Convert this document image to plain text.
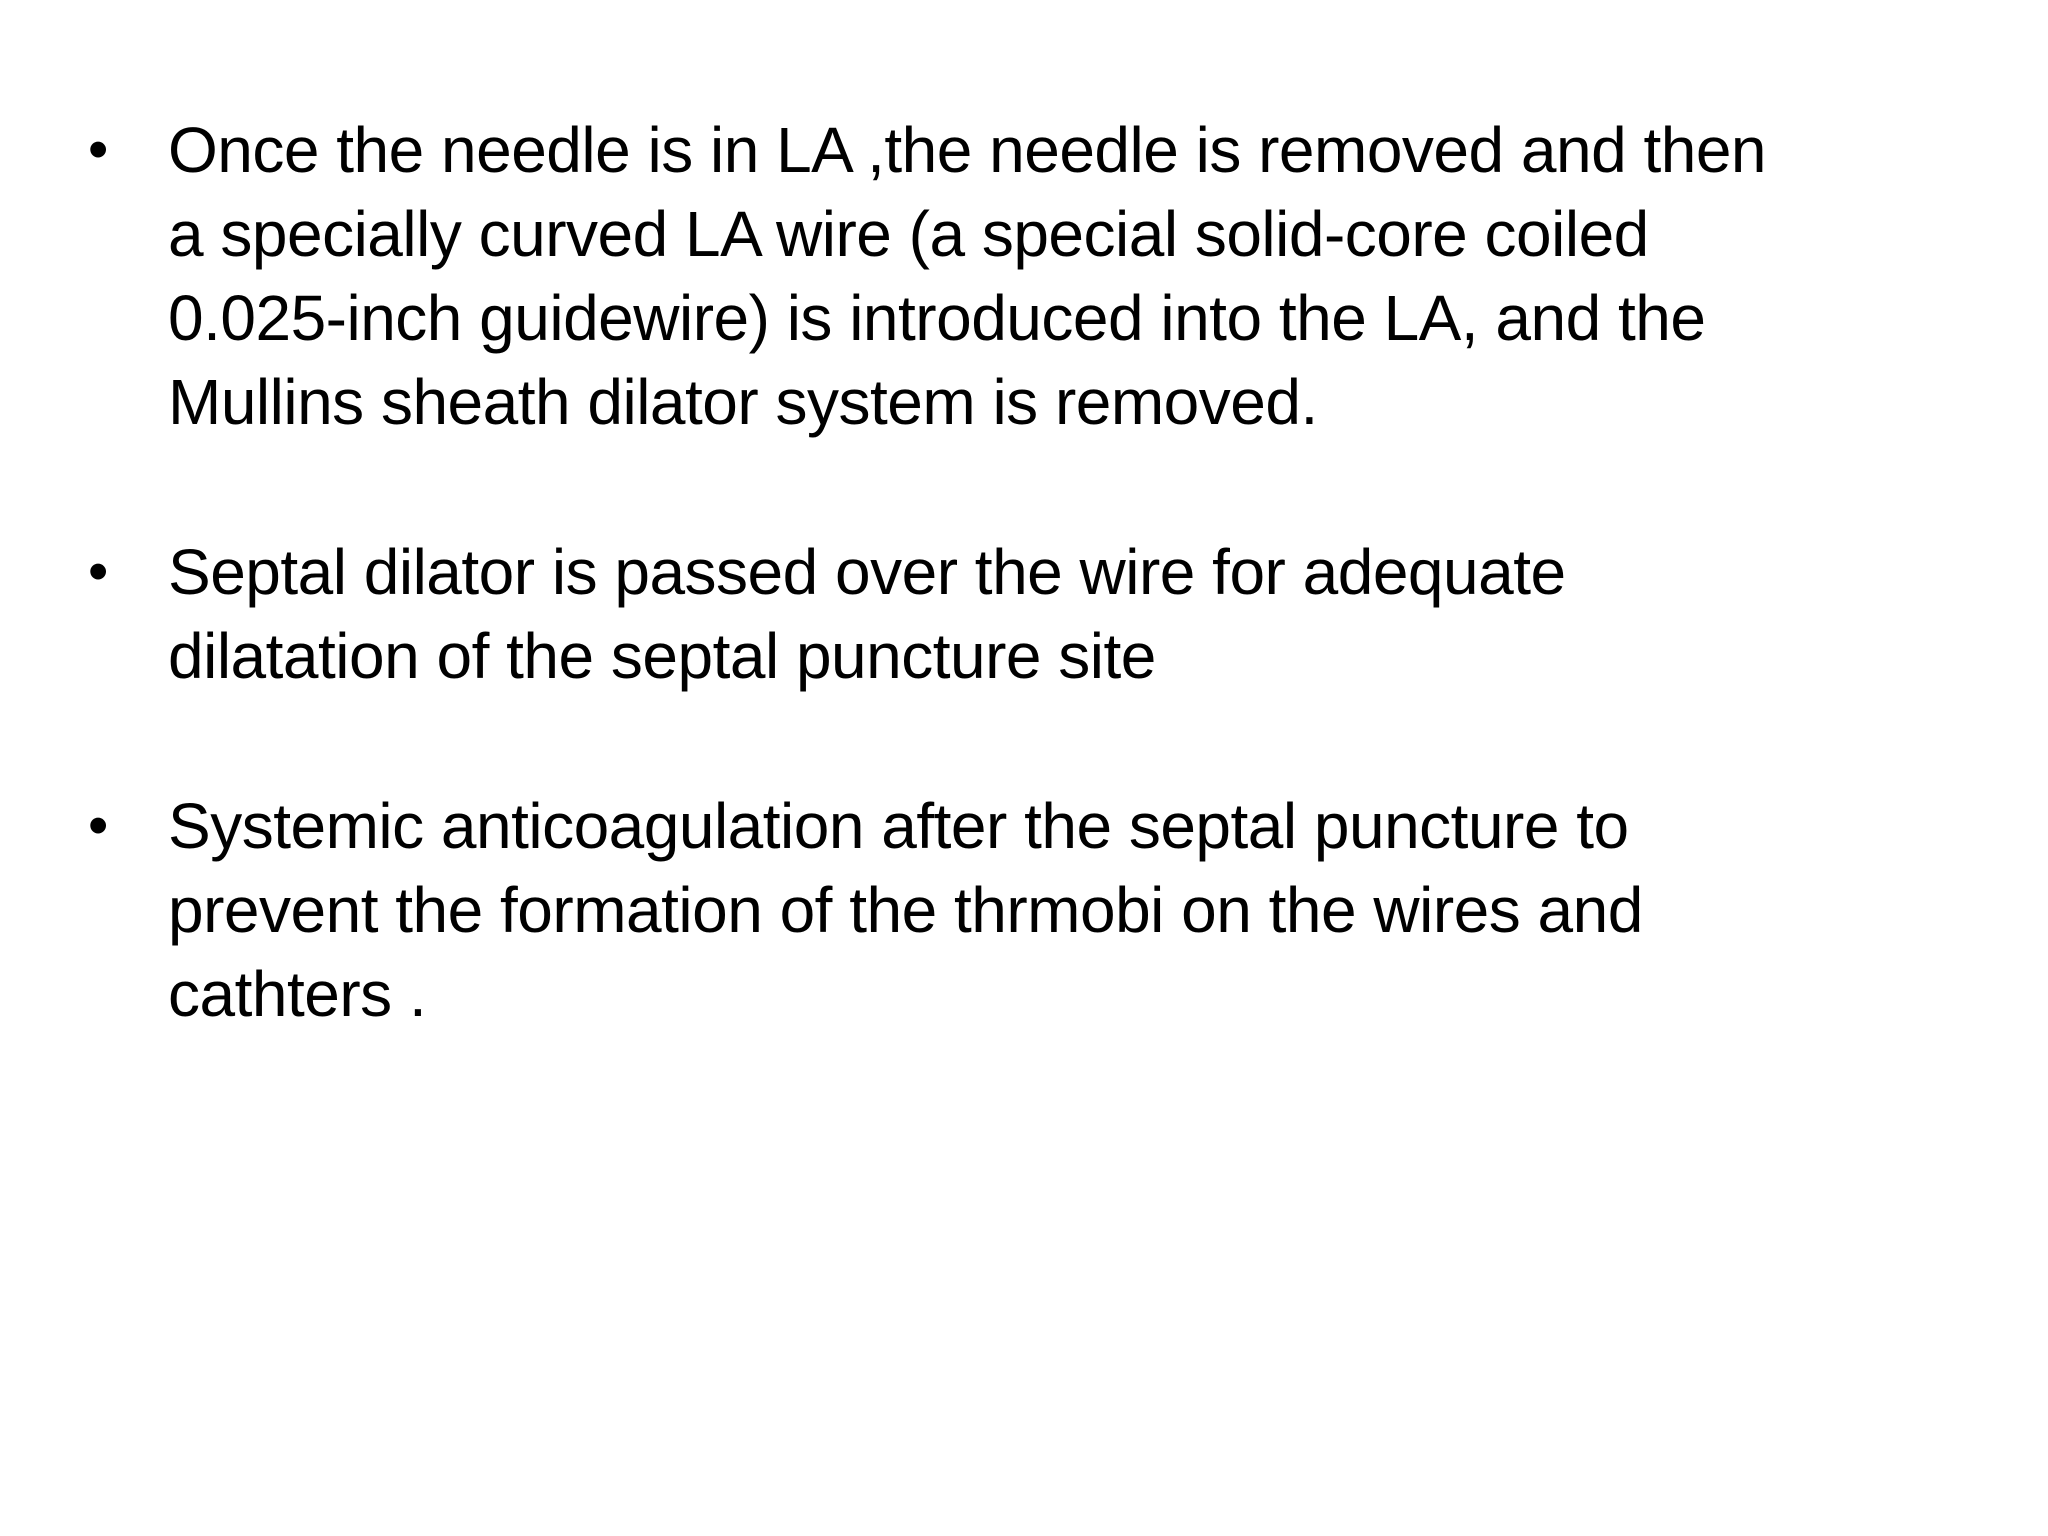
• Once the needle is in LA ,the needle is removed and then
a specially curved LA wire (a special solid-core coiled
0.025-inch guidewire) is introduced into the LA, and the
Mullins sheath dilator system is removed.
• Septal dilator is passed over the wire for adequate
dilatation of the septal puncture site
• Systemic anticoagulation after the septal puncture to
prevent the formation of the thrmobi on the wires and
cathters .
